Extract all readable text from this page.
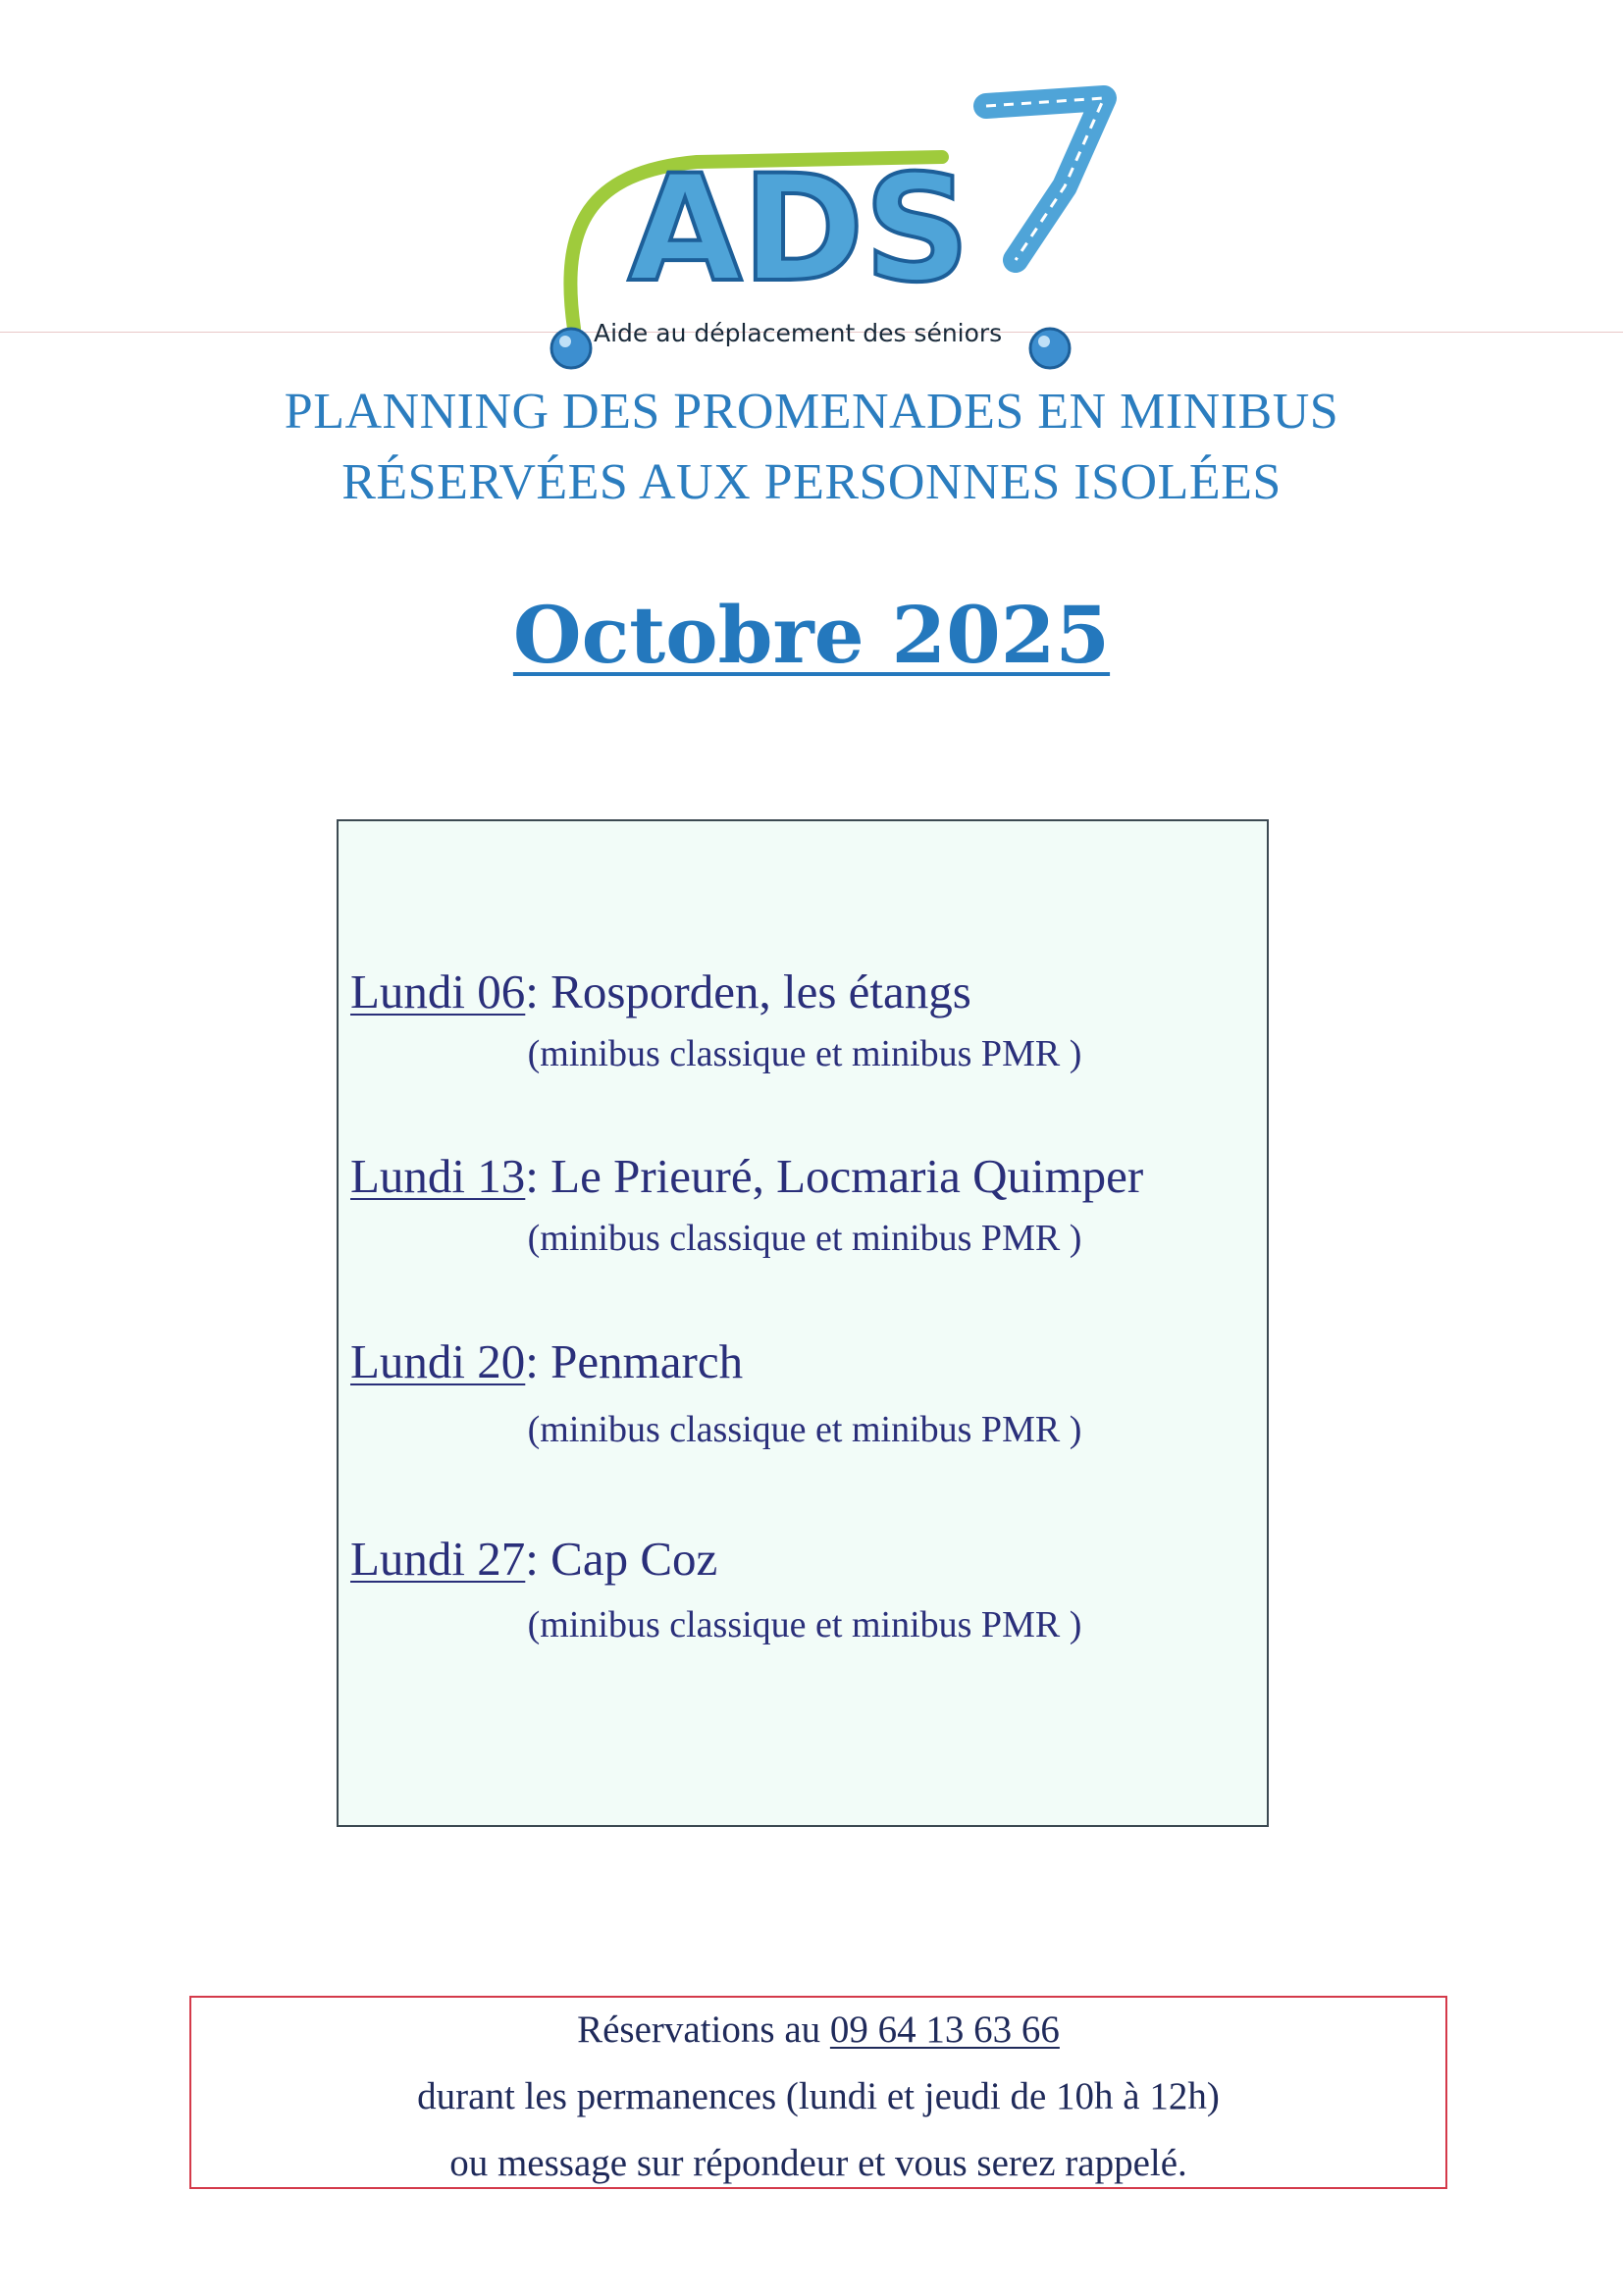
ADS
Aide au déplacement des séniors
PLANNING DES PROMENADES EN MINIBUS
RÉSERVÉES AUX PERSONNES ISOLÉES
Octobre 2025
Lundi 06: Rosporden, les étangs
(minibus classique et minibus PMR )
Lundi 13: Le Prieuré, Locmaria Quimper
(minibus classique et minibus PMR )
Lundi 20: Penmarch
(minibus classique et minibus PMR )
Lundi 27: Cap Coz
(minibus classique et minibus PMR )

Réservations au 09 64 13 63 66

durant les permanences (lundi et jeudi de 10h à 12h)

ou message sur répondeur et vous serez rappelé.
